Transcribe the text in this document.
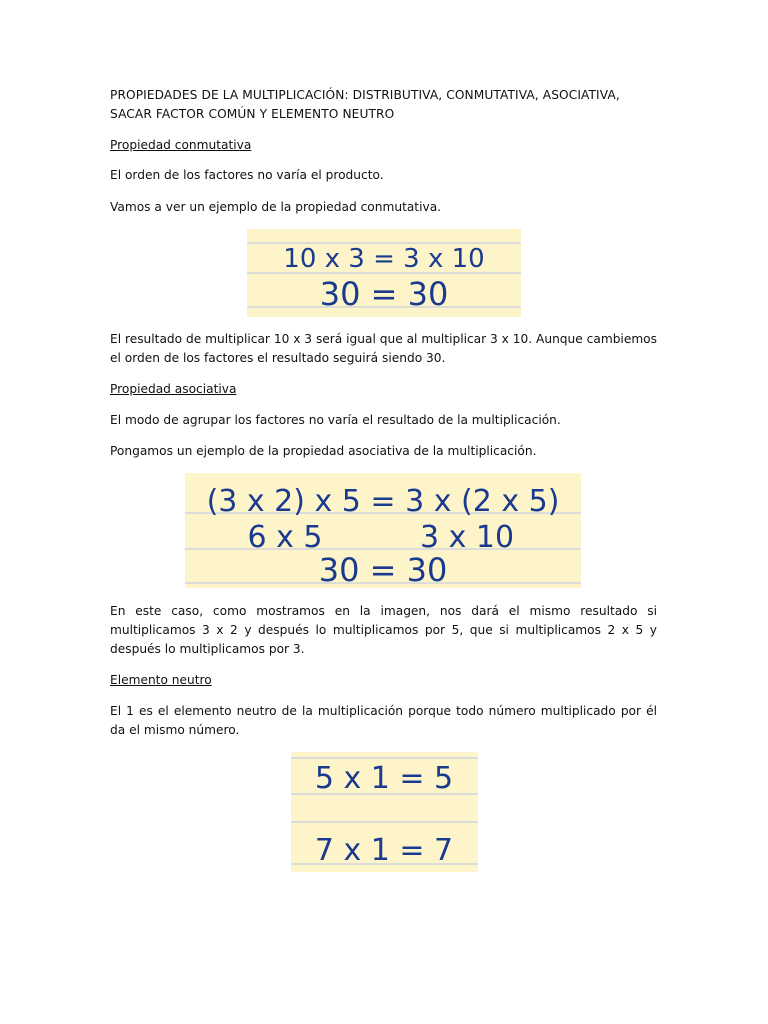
PROPIEDADES DE LA MULTIPLICACIÓN: DISTRIBUTIVA, CONMUTATIVA, ASOCIATIVA, SACAR FACTOR COMÚN Y ELEMENTO NEUTRO

Propiedad conmutativa

El orden de los factores no varía el producto.

Vamos a ver un ejemplo de la propiedad conmutativa.

10 x 3 = 3 x 10
30 = 30

El resultado de multiplicar 10 x 3 será igual que al multiplicar 3 x 10. Aunque cambiemos el orden de los factores el resultado seguirá siendo 30.

Propiedad asociativa

El modo de agrupar los factores no varía el resultado de la multiplicación.

Pongamos un ejemplo de la propiedad asociativa de la multiplicación.

(3 x 2) x 5 = 3 x (2 x 5)
6 x 5	3 x 10
30 = 30

En este caso, como mostramos en la imagen, nos dará el mismo resultado si multiplicamos 3 x 2 y después lo multiplicamos por 5, que si multiplicamos 2 x 5 y después lo multiplicamos por 3.

Elemento neutro

El 1 es el elemento neutro de la multiplicación porque todo número multiplicado por él da el mismo número.

5 x 1 = 5
7 x 1 = 7
